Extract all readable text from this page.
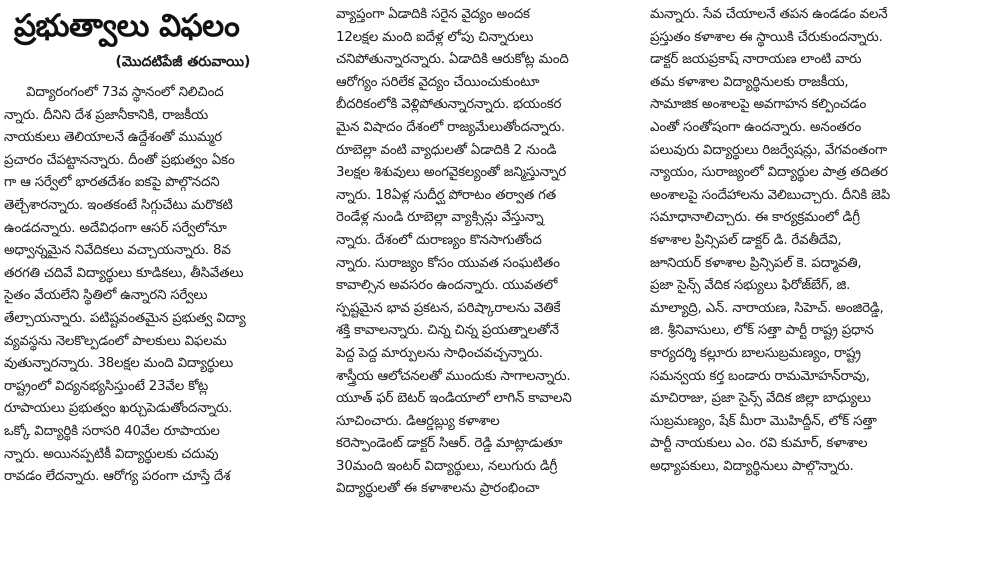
ప్రభుత్వాలు విఫలం
(మొదటిపేజీ తరువాయి)
విద్యారంగంలో 73వ స్థానంలో నిలిచింద
న్నారు. దీనిని దేశ ప్రజానీకానికి, రాజకీయ
నాయకులు తెలియాలనే ఉద్దేశంతో ముమ్మర
ప్రచారం చేపట్టానన్నారు. దీంతో ప్రభుత్వం ఏకం
గా ఆ సర్వేలో భారతదేశం ఐకపై పొల్గొనదని
తెల్చేశారన్నారు. ఇంతకంటే సిగ్గుచేటు మరొకటి
ఉండదన్నారు. అదేవిధంగా ఆసర్ సర్వేలోనూ
అధ్వాన్నమైన నివేదికలు వచ్చాయన్నారు. 8వ
తరగతి చదివే విద్యార్థులు కూడికలు, తీసివేతలు
సైతం వేయలేని స్థితిలో ఉన్నారని సర్వేలు
తేల్చాయన్నారు. పటిష్టవంతమైన ప్రభుత్వ విద్యా
వ్యవస్థను నెలకొల్పడంలో పాలకులు విఫలమ
వుతున్నారన్నారు. 38లక్షల మంది విద్యార్థులు
రాష్ట్రంలో విద్యనభ్యసిస్తుంటే 23వేల కోట్ల
రూపాయలు ప్రభుత్వం ఖర్చుపెడుతోందన్నారు.
ఒక్కో విద్యార్థికి సరాసరి 40వేల రూపాయల
న్నారు. అయినప్పటికీ విద్యార్థులకు చదువు
రావడం లేదన్నారు. ఆరోగ్య పరంగా చూస్తే దేశ
వ్యాప్తంగా ఏడాదికి సరైన వైద్యం అందక
12లక్షల మంది ఐదేళ్ల లోపు చిన్నారులు
చనిపోతున్నారన్నారు. ఏడాదికి ఆరుకోట్ల మంది
ఆరోగ్యం సరిలేక వైద్యం చేయించుకుంటూ
బీదరికంలోకి వెళ్లిపోతున్నారన్నారు. భయంకర
మైన విషాదం దేశంలో రాజ్యమేలుతోందన్నారు.
రూబెల్లా వంటి వ్యాధులతో ఏడాదికి 2 నుండి
3లక్షల శిశువులు అంగవైకల్యంతో జన్మిస్తున్నార
న్నారు. 18ఏళ్ల సుదీర్ఘ పోరాటం తర్వాత గత
రెండేళ్ల నుండి రూబెల్లా వ్యాక్సిన్లు వేస్తున్నా
న్నారు. దేశంలో దురాణ్యం కొనసాగుతోంద
న్నారు. సురాజ్యం కోసం యువత సంఘటితం
కావాల్సిన అవసరం ఉందన్నారు. యువతలో
స్పష్టమైన భావ ప్రకటన, పరిష్కారాలను వెతికే
శక్తి కావాలన్నారు. చిన్న చిన్న ప్రయత్నాలతోనే
పెద్ద పెద్ద మార్పులను సాధించవచ్చన్నారు.
శాస్త్రీయ ఆలోచనలతో ముందుకు సాగాలన్నారు.
యూత్ ఫర్ బెటర్ ఇండియాలో లాగిన్ కావాలని
సూచించారు. డిఆర్డబ్ల్యు కళాశాల
కరెస్పాండెంట్ డాక్టర్ సిఆర్. రెడ్డి మాట్లాడుతూ
30మంది ఇంటర్ విద్యార్థులు, నలుగురు డిగ్రీ
విద్యార్థులతో ఈ కళాశాలను ప్రారంభించా
మన్నారు. సేవ చేయాలనే తపన ఉండడం వలనే
ప్రస్తుతం కళాశాల ఈ స్థాయికి చేరుకుందన్నారు.
డాక్టర్ జయప్రకాష్ నారాయణ లాంటి వారు
తమ కళాశాల విద్యార్థినులకు రాజకీయ,
సామాజిక అంశాలపై అవగాహన కల్పించడం
ఎంతో సంతోషంగా ఉందన్నారు. అనంతరం
పలువురు విద్యార్థులు రిజర్వేషన్లు, వేగవంతంగా
న్యాయం, సురాజ్యంలో విద్యార్థుల పాత్ర తదితర
అంశాలపై సందేహాలను వెలిబుచ్చారు. దీనికి జెపి
సమాధానాలిచ్చారు. ఈ కార్యక్రమంలో డిగ్రీ
కళాశాల ప్రిన్సిపల్ డాక్టర్ డి. రేవతీదేవి,
జూనియర్ కళాశాల ప్రిన్సిపల్ కె. పద్మావతి,
ప్రజా సైన్స్ వేదిక సభ్యులు ఫిరోజ్‌బేగ్, జి.
మాల్యాద్రి, ఎన్. నారాయణ, సిహెచ్. అంజిరెడ్డి,
జి. శ్రీనివాసులు, లోక్ సత్తా పార్టీ రాష్ట్ర ప్రధాన
కార్యదర్శి కల్లూరు బాలసుబ్రమణ్యం, రాష్ట్ర
సమన్వయ కర్త బండారు రామమోహన్‌రావు,
మాచిరాజు, ప్రజా సైన్స్ వేదిక జిల్లా బాధ్యులు
సుబ్రమణ్యం, షేక్ మీరా మొహిద్దీన్, లోక్ సత్తా
పార్టీ నాయకులు ఎం. రవి కుమార్, కళాశాల
అధ్యాపకులు, విద్యార్థినులు పాల్గొన్నారు.
